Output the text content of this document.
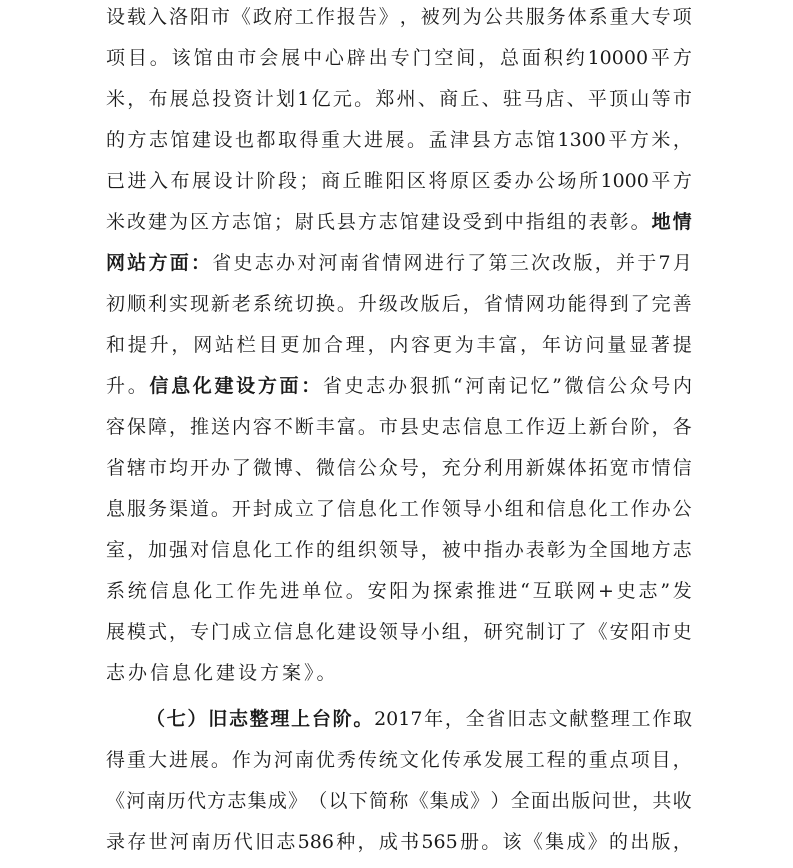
设 载 入 洛 阳 市 《 政 府 工 作 报 告 》 ， 被 列 为 公 共 服 务 体 系 重 大 专 项
项 目 。 该 馆 由 市 会 展 中 心 辟 出 专 门 空 间 ， 总 面 积 约 10000 平 方
米 ， 布 展 总 投 资 计 划 1 亿 元 。 郑 州 、 商 丘 、 驻 马 店 、 平 顶 山 等 市
的 方 志 馆 建 设 也 都 取 得 重 大 进 展 。 孟 津 县 方 志 馆 1300 平 方 米 ，
已 进 入 布 展 设 计 阶 段 ； 商 丘 睢 阳 区 将 原 区 委 办 公 场 所 1000 平 方
米 改 建 为 区 方 志 馆 ； 尉 氏 县 方 志 馆 建 设 受 到 中 指 组 的 表 彰 。 地 情
网 站 方 面 ： 省 史 志 办 对 河 南 省 情 网 进 行 了 第 三 次 改 版 ， 并 于 7 月
初 顺 利 实 现 新 老 系 统 切 换 。 升 级 改 版 后 ， 省 情 网 功 能 得 到 了 完 善
和 提 升 ， 网 站 栏 目 更 加 合 理 ， 内 容 更 为 丰 富 ， 年 访 问 量 显 著 提
升 。 信 息 化 建 设 方 面 ： 省 史 志 办 狠 抓 “ 河 南 记 忆 ” 微 信 公 众 号 内
容 保 障 ， 推 送 内 容 不 断 丰 富 。 市 县 史 志 信 息 工 作 迈 上 新 台 阶 ， 各
省 辖 市 均 开 办 了 微 博 、 微 信 公 众 号 ， 充 分 利 用 新 媒 体 拓 宽 市 情 信
息 服 务 渠 道 。 开 封 成 立 了 信 息 化 工 作 领 导 小 组 和 信 息 化 工 作 办 公
室 ， 加 强 对 信 息 化 工 作 的 组 织 领 导 ， 被 中 指 办 表 彰 为 全 国 地 方 志
系 统 信 息 化 工 作 先 进 单 位 。 安 阳 为 探 索 推 进 “ 互 联 网 + 史 志 ” 发
展 模 式 ， 专 门 成 立 信 息 化 建 设 领 导 小 组 ， 研 究 制 订 了 《 安 阳 市 史
志办信息化建设方案》。
（ 七 ） 旧 志 整 理 上 台 阶 。 2017 年 ， 全 省 旧 志 文 献 整 理 工 作 取
得 重 大 进 展 。 作 为 河 南 优 秀 传 统 文 化 传 承 发 展 工 程 的 重 点 项 目 ，
《 河 南 历 代 方 志 集 成 》 （ 以 下 简 称 《 集 成 》 ） 全 面 出 版 问 世 ， 共 收
录 存 世 河 南 历 代 旧 志 586 种 ， 成 书 565 册 。 该 《 集 成 》 的 出 版 ，
